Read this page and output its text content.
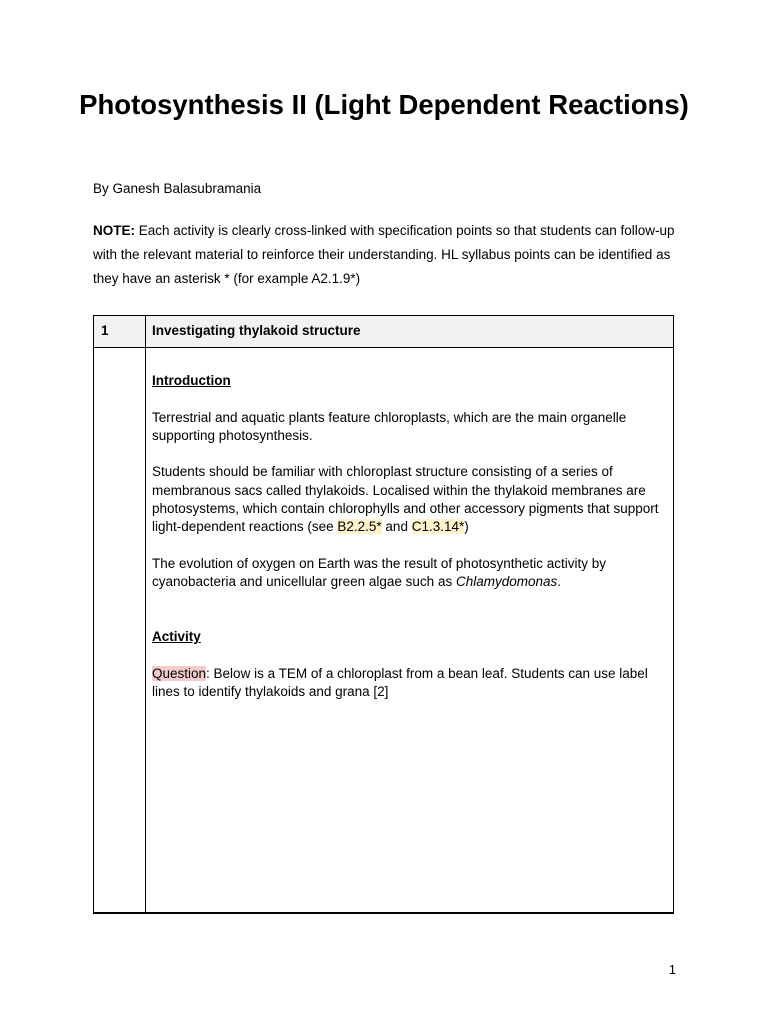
Photosynthesis II (Light Dependent Reactions)

By Ganesh Balasubramania

NOTE: Each activity is clearly cross-linked with specification points so that students can follow-up with the relevant material to reinforce their understanding. HL syllabus points can be identified as they have an asterisk * (for example A2.1.9*)

1	Investigating thylakoid structure

Introduction

Terrestrial and aquatic plants feature chloroplasts, which are the main organelle supporting photosynthesis.

Students should be familiar with chloroplast structure consisting of a series of membranous sacs called thylakoids. Localised within the thylakoid membranes are photosystems, which contain chlorophylls and other accessory pigments that support light-dependent reactions (see B2.2.5* and C1.3.14*)

The evolution of oxygen on Earth was the result of photosynthetic activity by cyanobacteria and unicellular green algae such as Chlamydomonas.

Activity

Question: Below is a TEM of a chloroplast from a bean leaf. Students can use label lines to identify thylakoids and grana [2]

1
